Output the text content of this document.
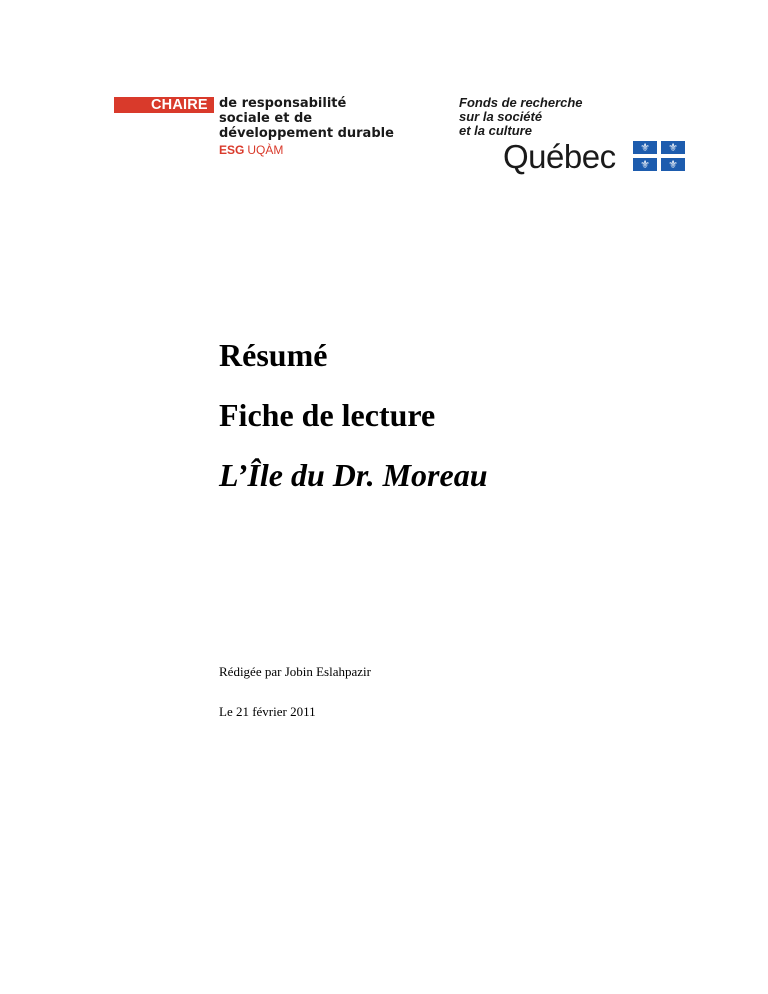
CHAIRE de responsabilité
sociale et de
développement durable
ESG UQÀM
Fonds de recherche
sur la société
et la culture
Québec	⚜	⚜
⚜	⚜
Résumé
Fiche de lecture
L’Île du Dr. Moreau
Rédigée par Jobin Eslahpazir
Le 21 février 2011
